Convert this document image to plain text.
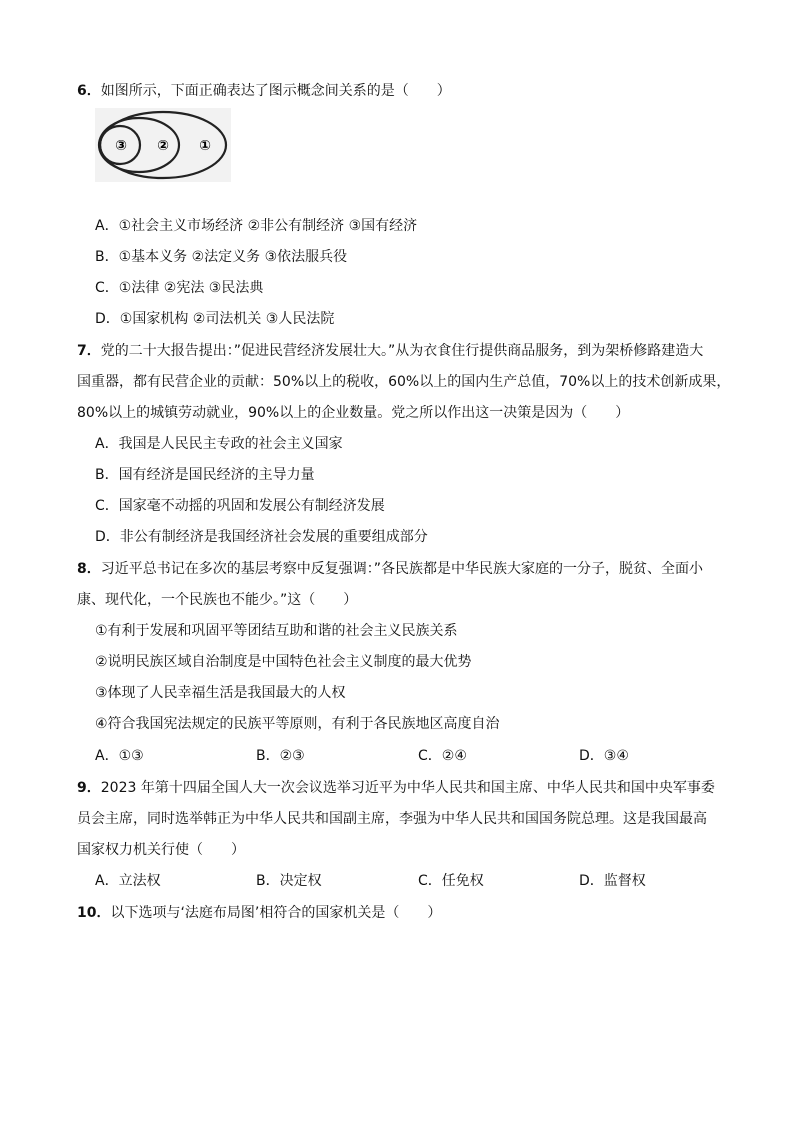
6．如图所示，下面正确表达了图示概念间关系的是（　　）
③ ② ①
A．①社会主义市场经济 ②非公有制经济 ③国有经济
B．①基本义务 ②法定义务 ③依法服兵役
C．①法律 ②宪法 ③民法典
D．①国家机构 ②司法机关 ③人民法院
7．党的二十大报告提出：”促进民营经济发展壮大。”从为衣食住行提供商品服务，到为架桥修路建造大
国重器，都有民营企业的贡献：50%以上的税收，60%以上的国内生产总值，70%以上的技术创新成果，
80%以上的城镇劳动就业，90%以上的企业数量。党之所以作出这一决策是因为（　　）
A．我国是人民民主专政的社会主义国家
B．国有经济是国民经济的主导力量
C．国家毫不动摇的巩固和发展公有制经济发展
D．非公有制经济是我国经济社会发展的重要组成部分
8．习近平总书记在多次的基层考察中反复强调：”各民族都是中华民族大家庭的一分子，脱贫、全面小
康、现代化，一个民族也不能少。”这（　　）
①有利于发展和巩固平等团结互助和谐的社会主义民族关系
②说明民族区域自治制度是中国特色社会主义制度的最大优势
③体现了人民幸福生活是我国最大的人权
④符合我国宪法规定的民族平等原则，有利于各民族地区高度自治
A．①③	B．②③	C．②④	D．③④
9．2023 年第十四届全国人大一次会议选举习近平为中华人民共和国主席、中华人民共和国中央军事委
员会主席，同时选举韩正为中华人民共和国副主席，李强为中华人民共和国国务院总理。这是我国最高
国家权力机关行使（　　）
A．立法权	B．决定权	C．任免权	D．监督权
10．以下选项与‘法庭布局图’相符合的国家机关是（　　）
